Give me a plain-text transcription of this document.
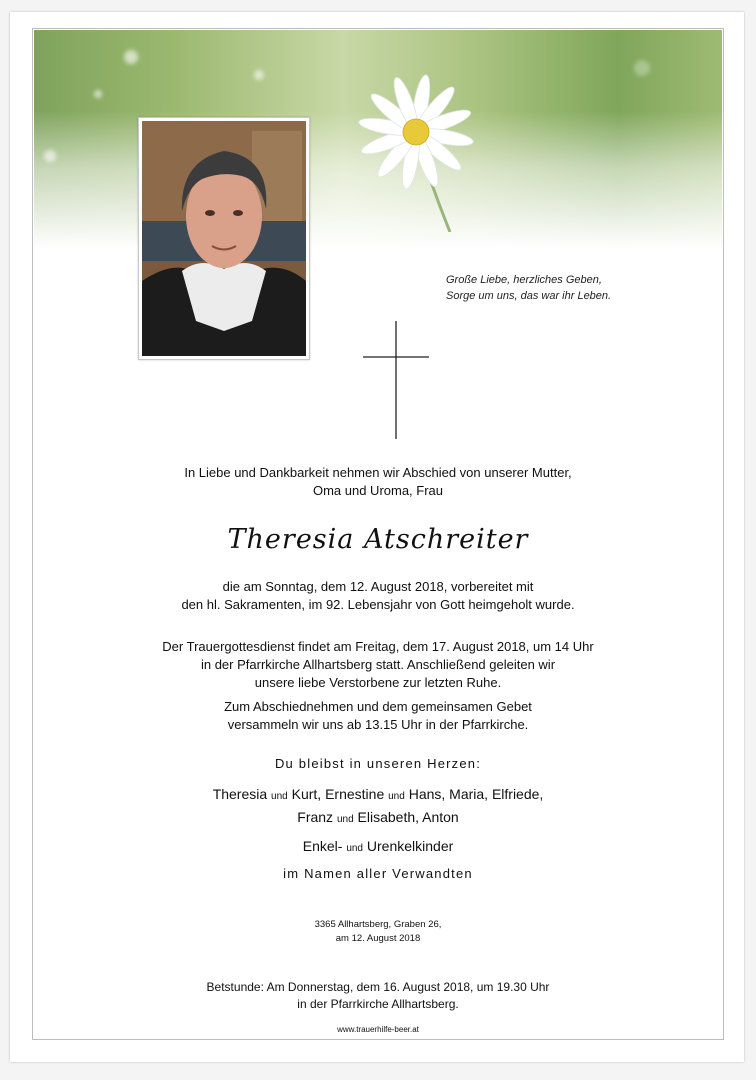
Große Liebe, herzliches Geben,
Sorge um uns, das war ihr Leben.
In Liebe und Dankbarkeit nehmen wir Abschied von unserer Mutter,
Oma und Uroma, Frau
Theresia Atschreiter
die am Sonntag, dem 12. August 2018, vorbereitet mit
den hl. Sakramenten, im 92. Lebensjahr von Gott heimgeholt wurde.
Der Trauergottesdienst findet am Freitag, dem 17. August 2018, um 14 Uhr
in der Pfarrkirche Allhartsberg statt. Anschließend geleiten wir
unsere liebe Verstorbene zur letzten Ruhe.
Zum Abschiednehmen und dem gemeinsamen Gebet
versammeln wir uns ab 13.15 Uhr in der Pfarrkirche.
Du bleibst in unseren Herzen:
Theresia und Kurt, Ernestine und Hans, Maria, Elfriede,
Franz und Elisabeth, Anton
Enkel- und Urenkelkinder
im Namen aller Verwandten
3365 Allhartsberg, Graben 26,
am 12. August 2018
Betstunde: Am Donnerstag, dem 16. August 2018, um 19.30 Uhr
in der Pfarrkirche Allhartsberg.
www.trauerhilfe-beer.at
